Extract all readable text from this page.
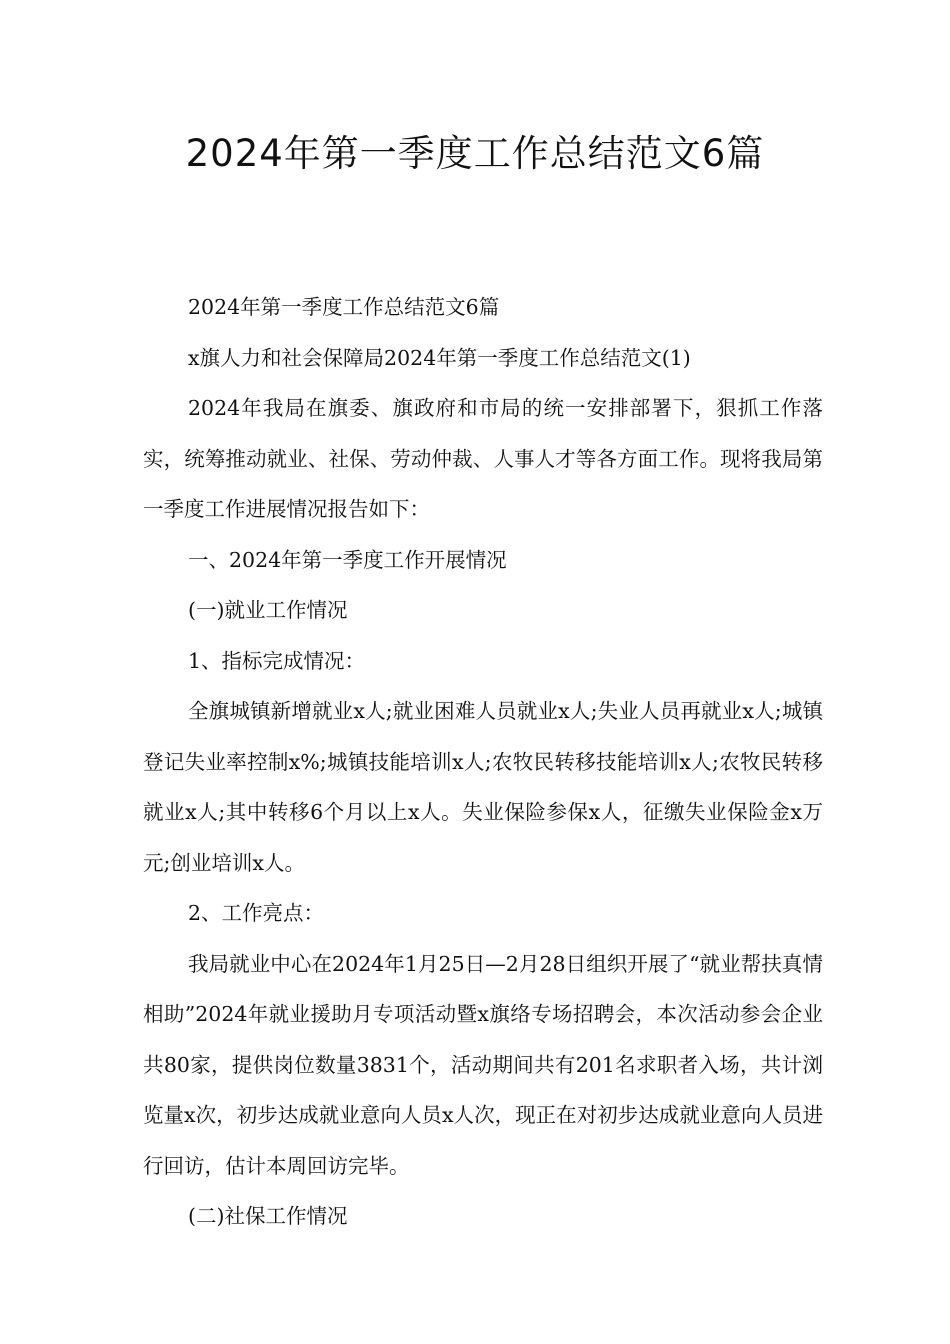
2024年第一季度工作总结范文6篇

2024年第一季度工作总结范文6篇

x旗人力和社会保障局2024年第一季度工作总结范文(1)

2024年我局在旗委、旗政府和市局的统一安排部署下，狠抓工作落实，统筹推动就业、社保、劳动仲裁、人事人才等各方面工作。现将我局第一季度工作进展情况报告如下：

一、2024年第一季度工作开展情况

(一)就业工作情况

1、指标完成情况：

全旗城镇新增就业x人;就业困难人员就业x人;失业人员再就业x人;城镇登记失业率控制x%;城镇技能培训x人;农牧民转移技能培训x人;农牧民转移就业x人;其中转移6个月以上x人。失业保险参保x人，征缴失业保险金x万元;创业培训x人。

2、工作亮点：

我局就业中心在2024年1月25日—2月28日组织开展了“就业帮扶真情相助”2024年就业援助月专项活动暨x旗络专场招聘会，本次活动参会企业共80家，提供岗位数量3831个，活动期间共有201名求职者入场，共计浏览量x次，初步达成就业意向人员x人次，现正在对初步达成就业意向人员进行回访，估计本周回访完毕。

(二)社保工作情况
